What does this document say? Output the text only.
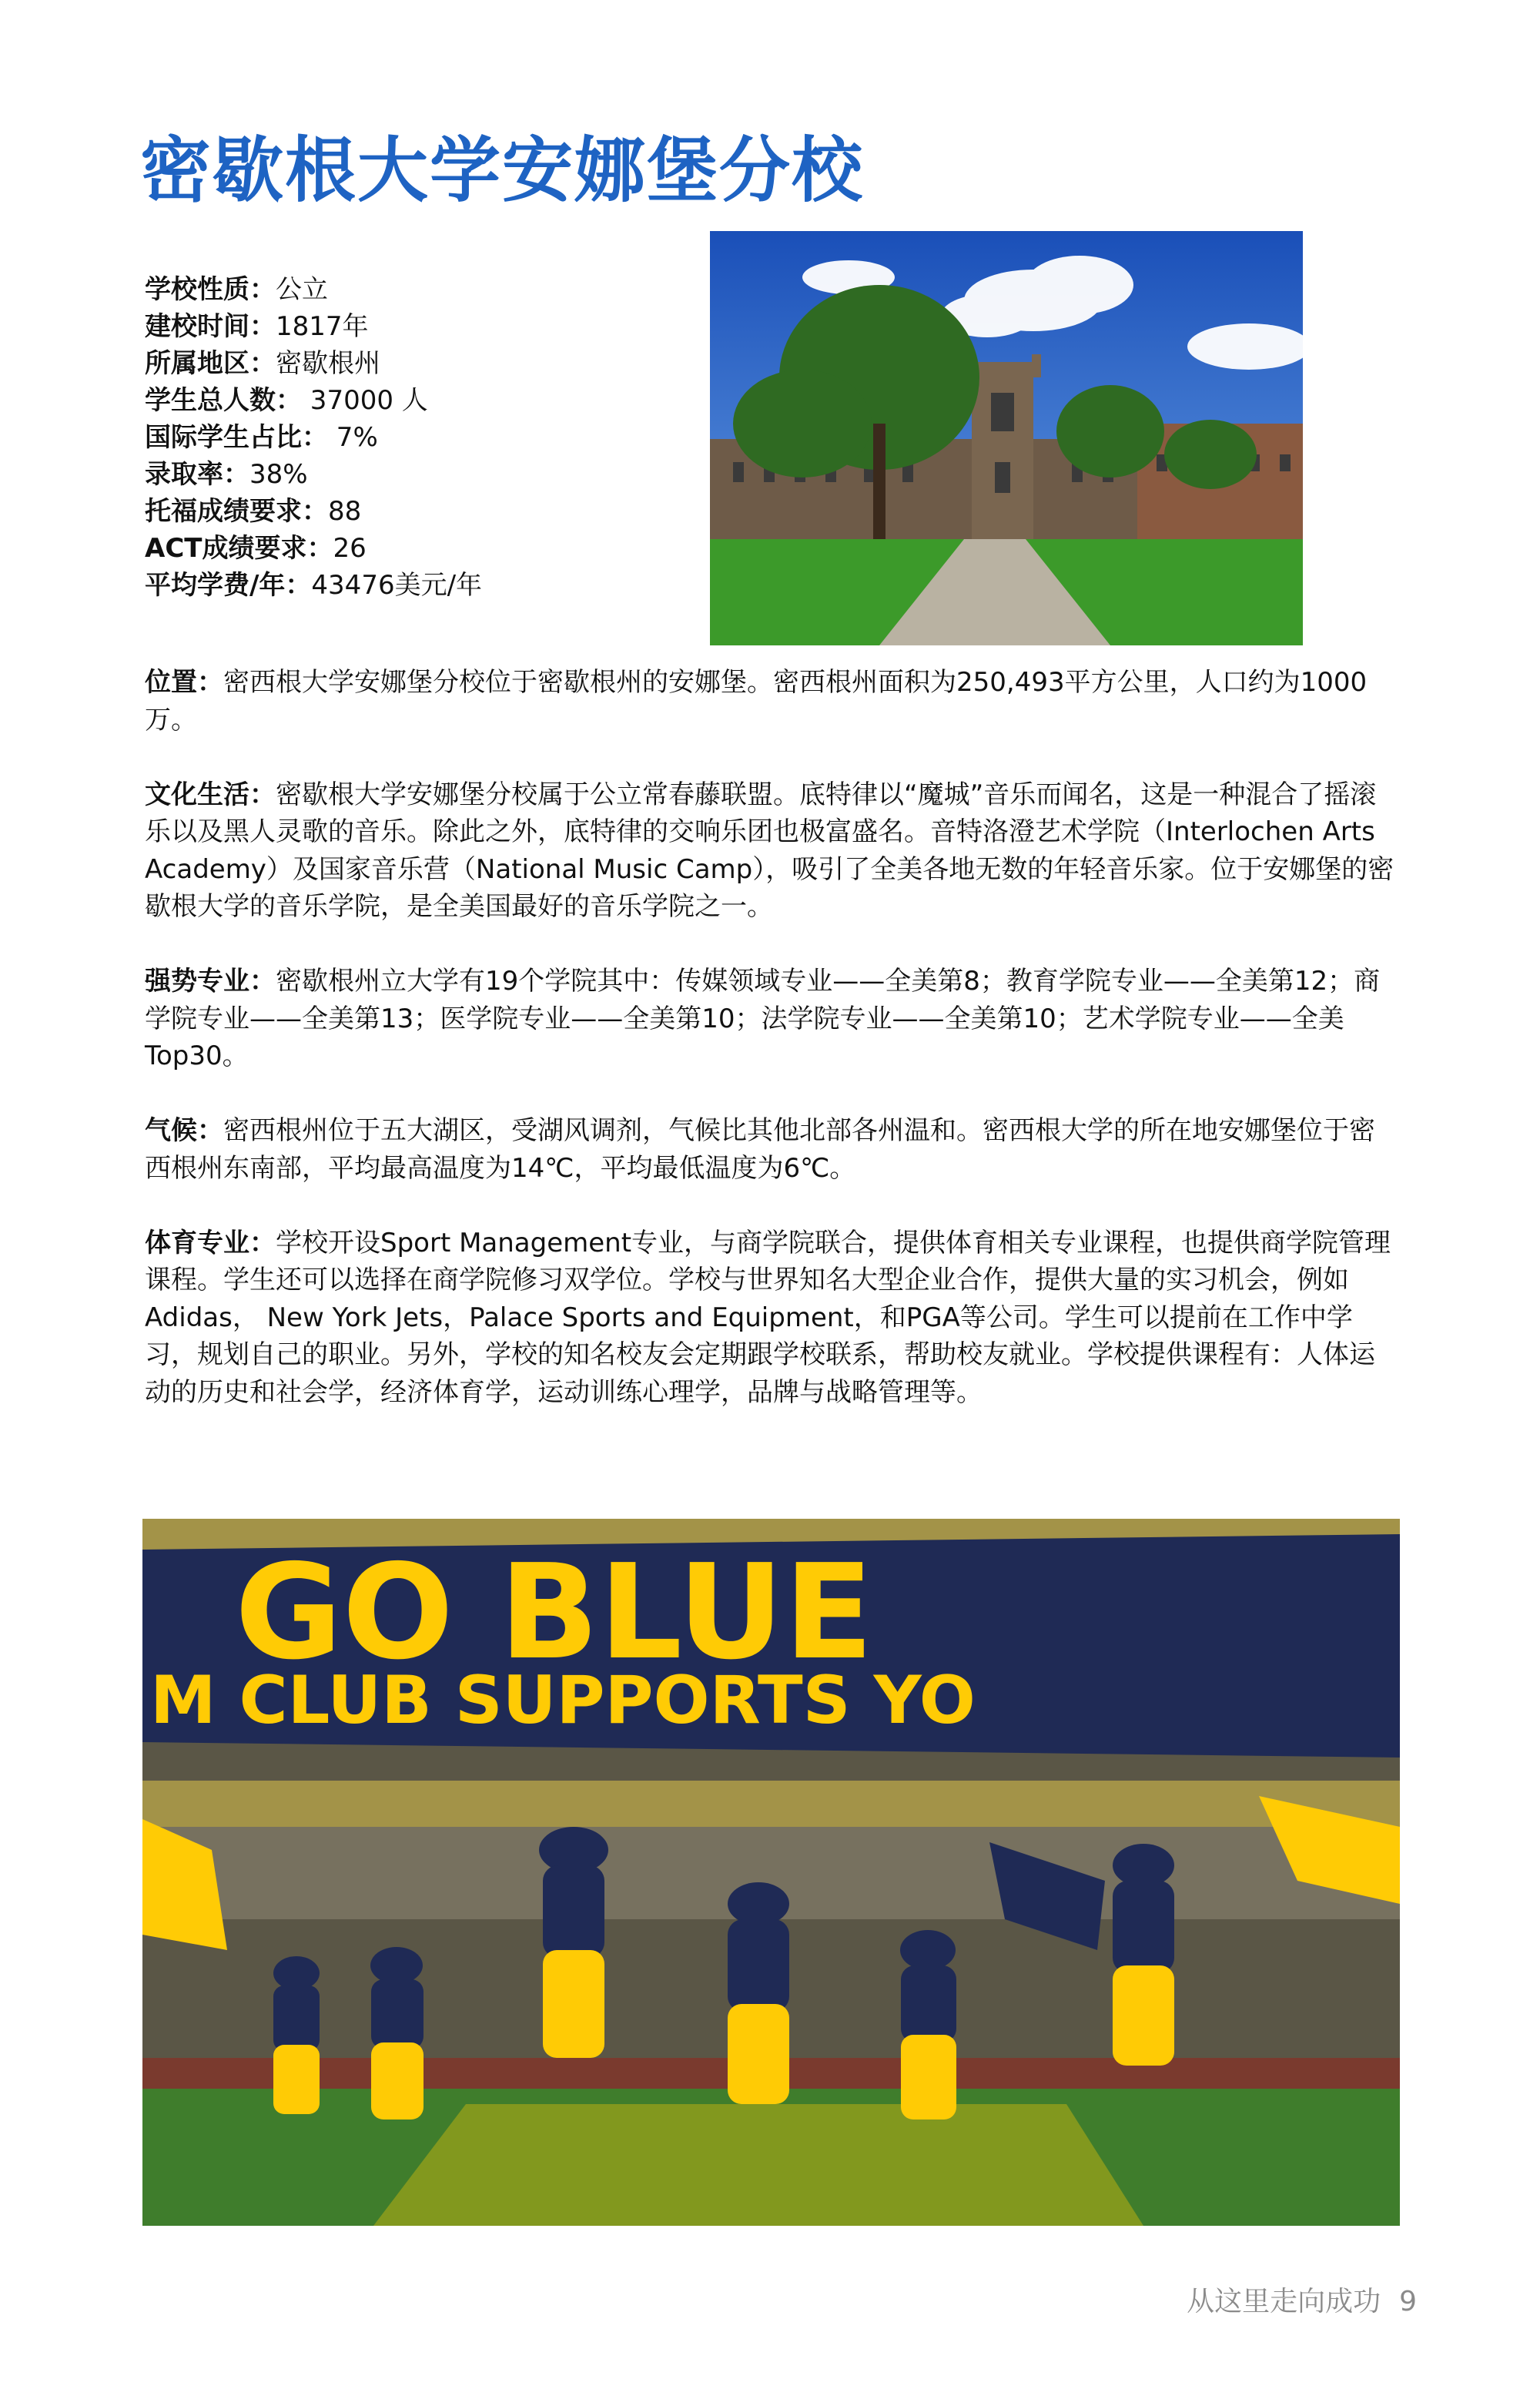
密歇根大学安娜堡分校
学校性质：公立
建校时间：1817年
所属地区：密歇根州
学生总人数： 37000 人
国际学生占比： 7%
录取率：38%
托福成绩要求：88
ACT成绩要求：26
平均学费/年：43476美元/年

位置：密西根大学安娜堡分校位于密歇根州的安娜堡。密西根州面积为250,493平方公里，人口约为1000万。

文化生活：密歇根大学安娜堡分校属于公立常春藤联盟。底特律以“魔城”音乐而闻名，这是一种混合了摇滚乐以及黑人灵歌的音乐。除此之外，底特律的交响乐团也极富盛名。音特洛澄艺术学院（Interlochen Arts Academy）及国家音乐营（National Music Camp），吸引了全美各地无数的年轻音乐家。位于安娜堡的密歇根大学的音乐学院，是全美国最好的音乐学院之一。

强势专业：密歇根州立大学有19个学院其中：传媒领域专业——全美第8；教育学院专业——全美第12；商学院专业——全美第13；医学院专业——全美第10；法学院专业——全美第10；艺术学院专业——全美Top30。

气候：密西根州位于五大湖区，受湖风调剂，气候比其他北部各州温和。密西根大学的所在地安娜堡位于密西根州东南部，平均最高温度为14℃，平均最低温度为6℃。

体育专业：学校开设Sport Management专业，与商学院联合，提供体育相关专业课程，也提供商学院管理课程。学生还可以选择在商学院修习双学位。学校与世界知名大型企业合作，提供大量的实习机会，例如Adidas， New York Jets，Palace Sports and Equipment，和PGA等公司。学生可以提前在工作中学习，规划自己的职业。另外，学校的知名校友会定期跟学校联系，帮助校友就业。学校提供课程有：人体运动的历史和社会学，经济体育学，运动训练心理学，品牌与战略管理等。

GO BLUE
M CLUB SUPPORTS YO
从这里走向成功 9
